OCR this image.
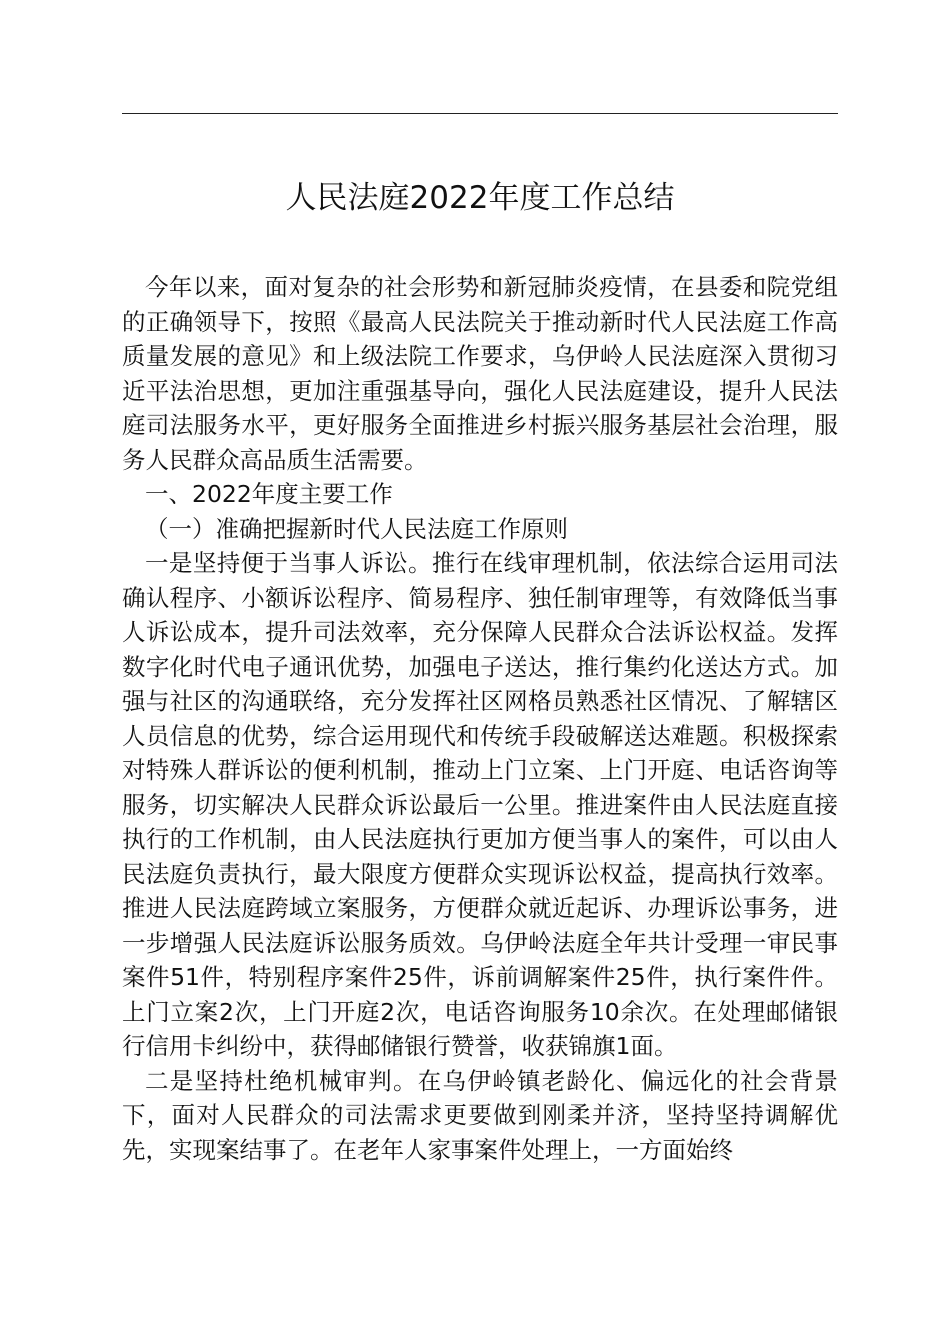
人民法庭2022年度工作总结

今年以来，面对复杂的社会形势和新冠肺炎疫情，在县委和院党组的正确领导下，按照《最高人民法院关于推动新时代人民法庭工作高质量发展的意见》和上级法院工作要求，乌伊岭人民法庭深入贯彻习近平法治思想，更加注重强基导向，强化人民法庭建设，提升人民法庭司法服务水平，更好服务全面推进乡村振兴服务基层社会治理，服务人民群众高品质生活需要。

一、2022年度主要工作

（一）准确把握新时代人民法庭工作原则

一是坚持便于当事人诉讼。推行在线审理机制，依法综合运用司法确认程序、小额诉讼程序、简易程序、独任制审理等，有效降低当事人诉讼成本，提升司法效率，充分保障人民群众合法诉讼权益。发挥数字化时代电子通讯优势，加强电子送达，推行集约化送达方式。加强与社区的沟通联络，充分发挥社区网格员熟悉社区情况、了解辖区人员信息的优势，综合运用现代和传统手段破解送达难题。积极探索对特殊人群诉讼的便利机制，推动上门立案、上门开庭、电话咨询等服务，切实解决人民群众诉讼最后一公里。推进案件由人民法庭直接执行的工作机制，由人民法庭执行更加方便当事人的案件，可以由人民法庭负责执行，最大限度方便群众实现诉讼权益，提高执行效率。推进人民法庭跨域立案服务，方便群众就近起诉、办理诉讼事务，进一步增强人民法庭诉讼服务质效。乌伊岭法庭全年共计受理一审民事案件51件，特别程序案件25件，诉前调解案件25件，执行案件件。上门立案2次，上门开庭2次，电话咨询服务10余次。在处理邮储银行信用卡纠纷中，获得邮储银行赞誉，收获锦旗1面。

二是坚持杜绝机械审判。在乌伊岭镇老龄化、偏远化的社会背景下，面对人民群众的司法需求更要做到刚柔并济，坚持坚持调解优先，实现案结事了。在老年人家事案件处理上，一方面始终
